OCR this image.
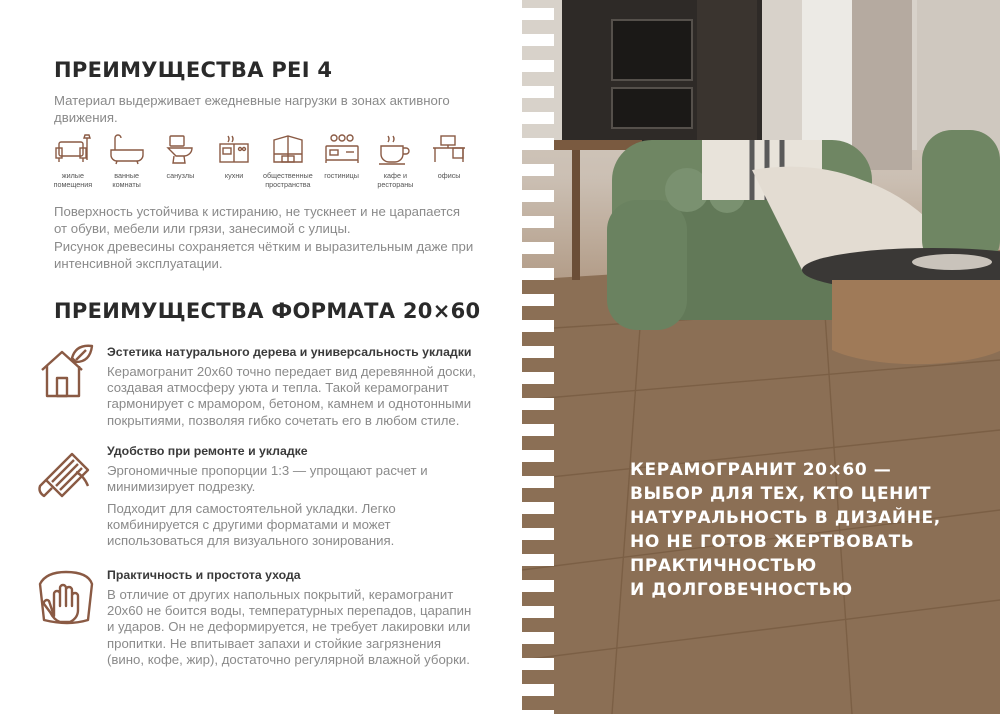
ПРЕИМУЩЕСТВА PEI 4
Материал выдерживает ежедневные нагрузки в зонах активного движения.
жилые помещения
ванные комнаты
санузлы	кухни	общественные пространства
гостиницы	кафе и рестораны
офисы
Поверхность устойчива к истиранию, не тускнеет и не царапается от обуви, мебели или грязи, занесимой с улицы.
Рисунок древесины сохраняется чётким и выразительным даже при интенсивной эксплуатации.
ПРЕИМУЩЕСТВА ФОРМАТА 20×60
Эстетика натурального дерева и универсальность укладки
Керамогранит 20х60 точно передает вид деревянной доски, создавая атмосферу уюта и тепла. Такой керамогранит гармонирует с мрамором, бетоном, камнем и однотонными покрытиями, позволяя гибко сочетать его в любом стиле.
Удобство при ремонте и укладке
Эргономичные пропорции 1:3 — упрощают расчет и минимизирует подрезку.
Подходит для самостоятельной укладки. Легко комбинируется с другими форматами и может использоваться для визуального зонирования.
Практичность и простота ухода
В отличие от других напольных покрытий, керамогранит 20х60 не боится воды, температурных перепадов, царапин и ударов. Он не деформируется, не требует лакировки или пропитки. Не впитывает запахи и стойкие загрязнения (вино, кофе, жир), достаточно регулярной влажной уборки.
КЕРАМОГРАНИТ 20×60 —
ВЫБОР ДЛЯ ТЕХ, КТО ЦЕНИТ
НАТУРАЛЬНОСТЬ В ДИЗАЙНЕ,
НО НЕ ГОТОВ ЖЕРТВОВАТЬ
ПРАКТИЧНОСТЬЮ
И ДОЛГОВЕЧНОСТЬЮ
